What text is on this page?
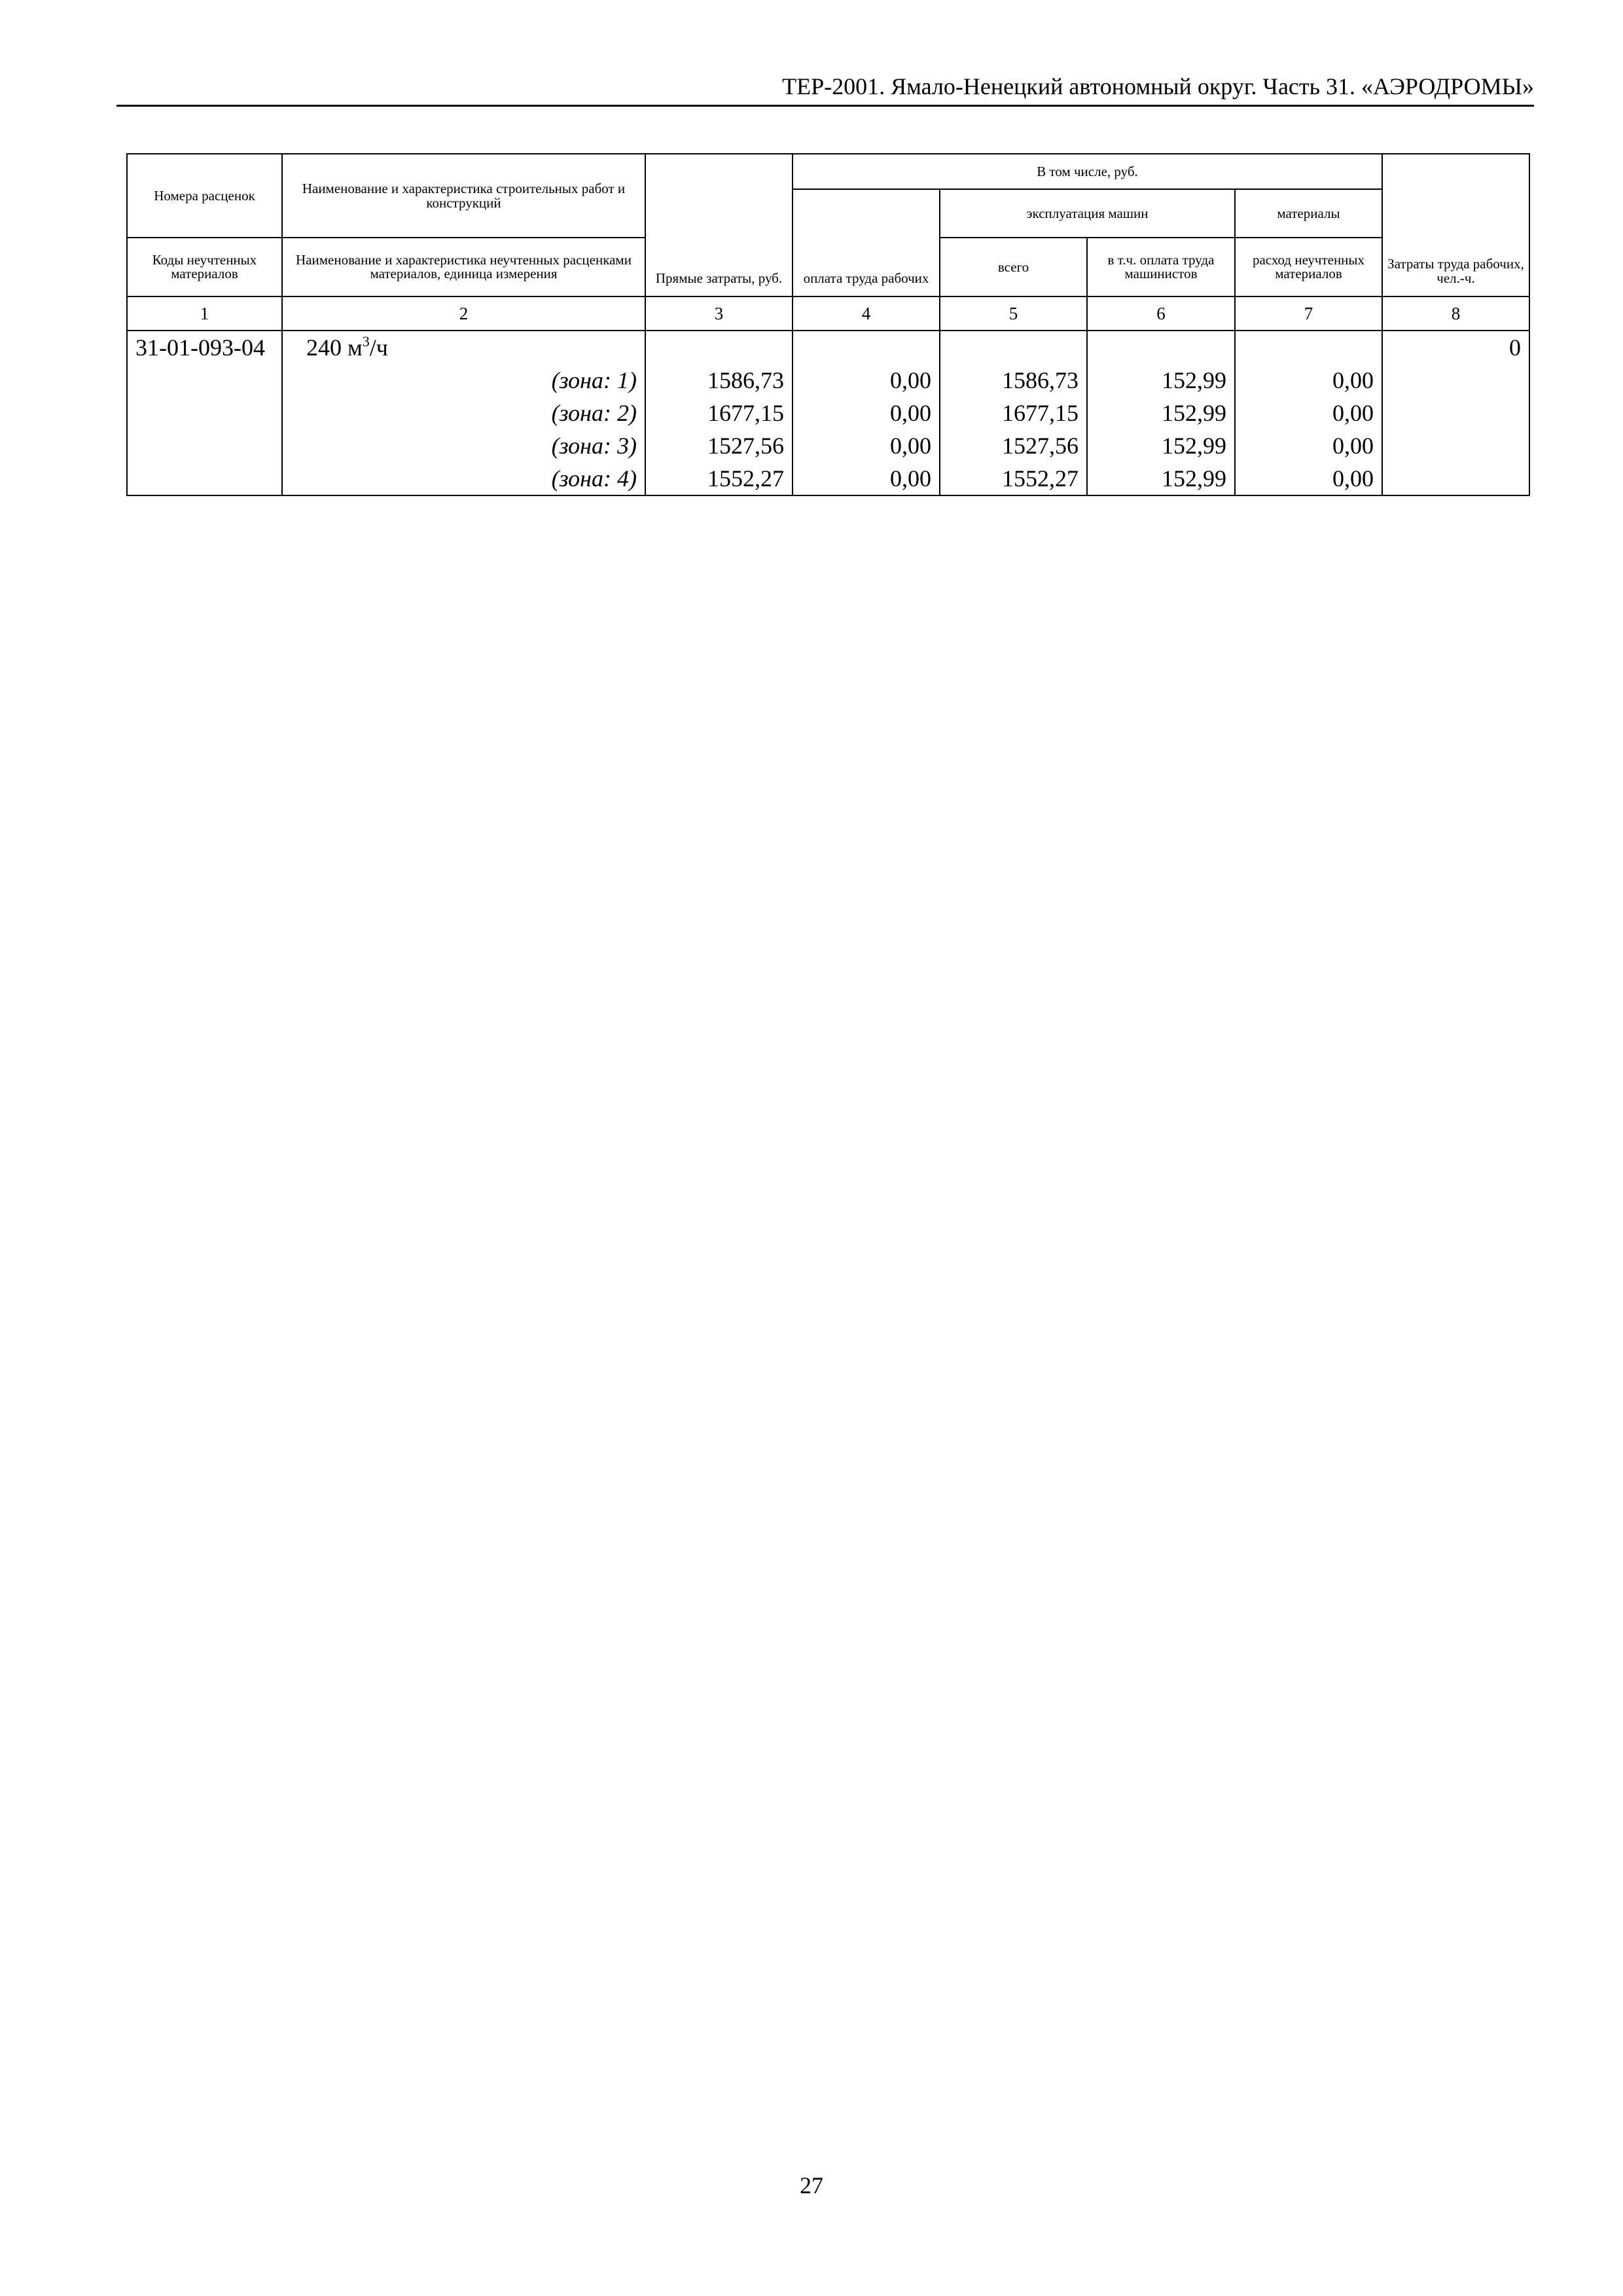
ТЕР-2001. Ямало-Ненецкий автономный округ. Часть 31. «АЭРОДРОМЫ»
Номера расценок	Наименование и характеристика строительных работ и конструкций	Прямые затраты, руб.	В том числе, руб.				Затраты труда рабочих, чел.-ч.
			оплата труда рабочих	эксплуатация машин		материалы	
Коды неучтенных материалов	Наименование и характеристика неучтенных расценками материалов, единица измерения			всего	в т.ч. оплата труда машинистов	расход неучтенных материалов	
1	2	3	4	5	6	7	8
31-01-093-04	240 $м^3/ч$						0
	(зона: 1)	1586,73	0,00	1586,73	152,99	0,00	
	(зона: 2)	1677,15	0,00	1677,15	152,99	0,00	
	(зона: 3)	1527,56	0,00	1527,56	152,99	0,00	
	(зона: 4)	1552,27	0,00	1552,27	152,99	0,00	
27
